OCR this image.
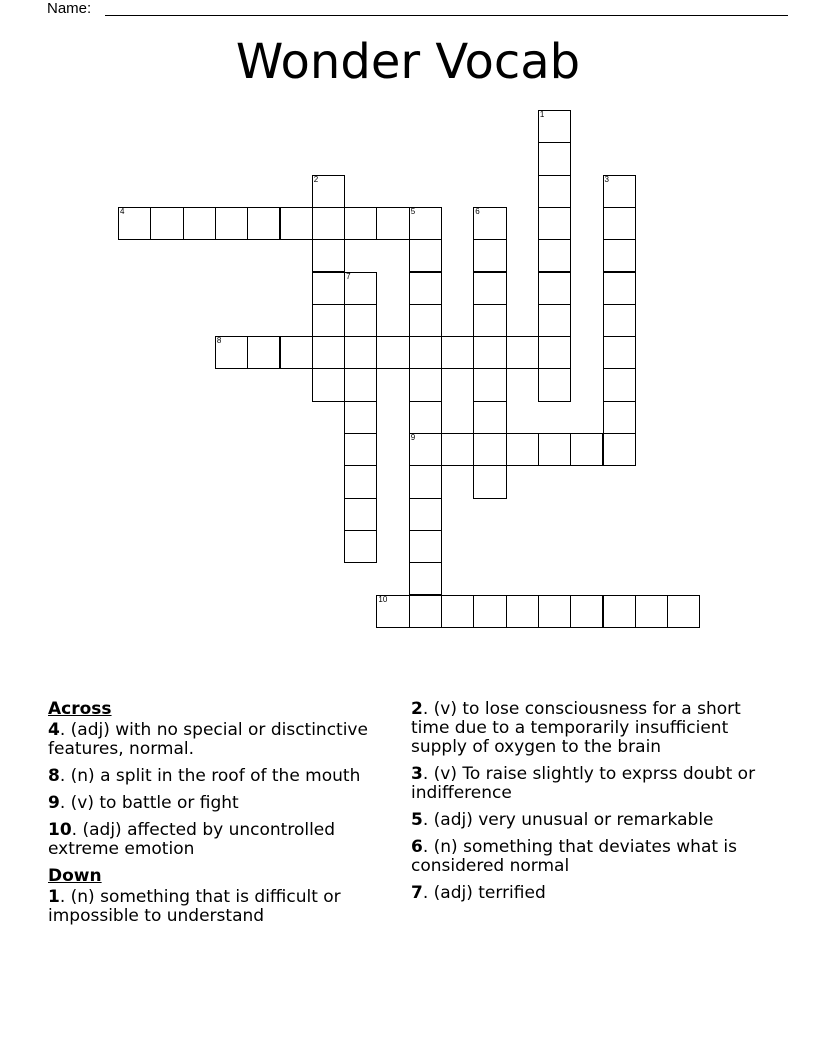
Name:
Wonder Vocab
1
2	3
4	5	6
7
8
9
10
Across
4. (adj) with no special or disctinctive features, normal.
8. (n) a split in the roof of the mouth
9. (v) to battle or fight
10. (adj) affected by uncontrolled extreme emotion
Down
1. (n) something that is difficult or impossible to understand
2. (v) to lose consciousness for a short time due to a temporarily insufficient supply of oxygen to the brain
3. (v) To raise slightly to exprss doubt or indifference
5. (adj) very unusual or remarkable
6. (n) something that deviates what is considered normal
7. (adj) terrified
